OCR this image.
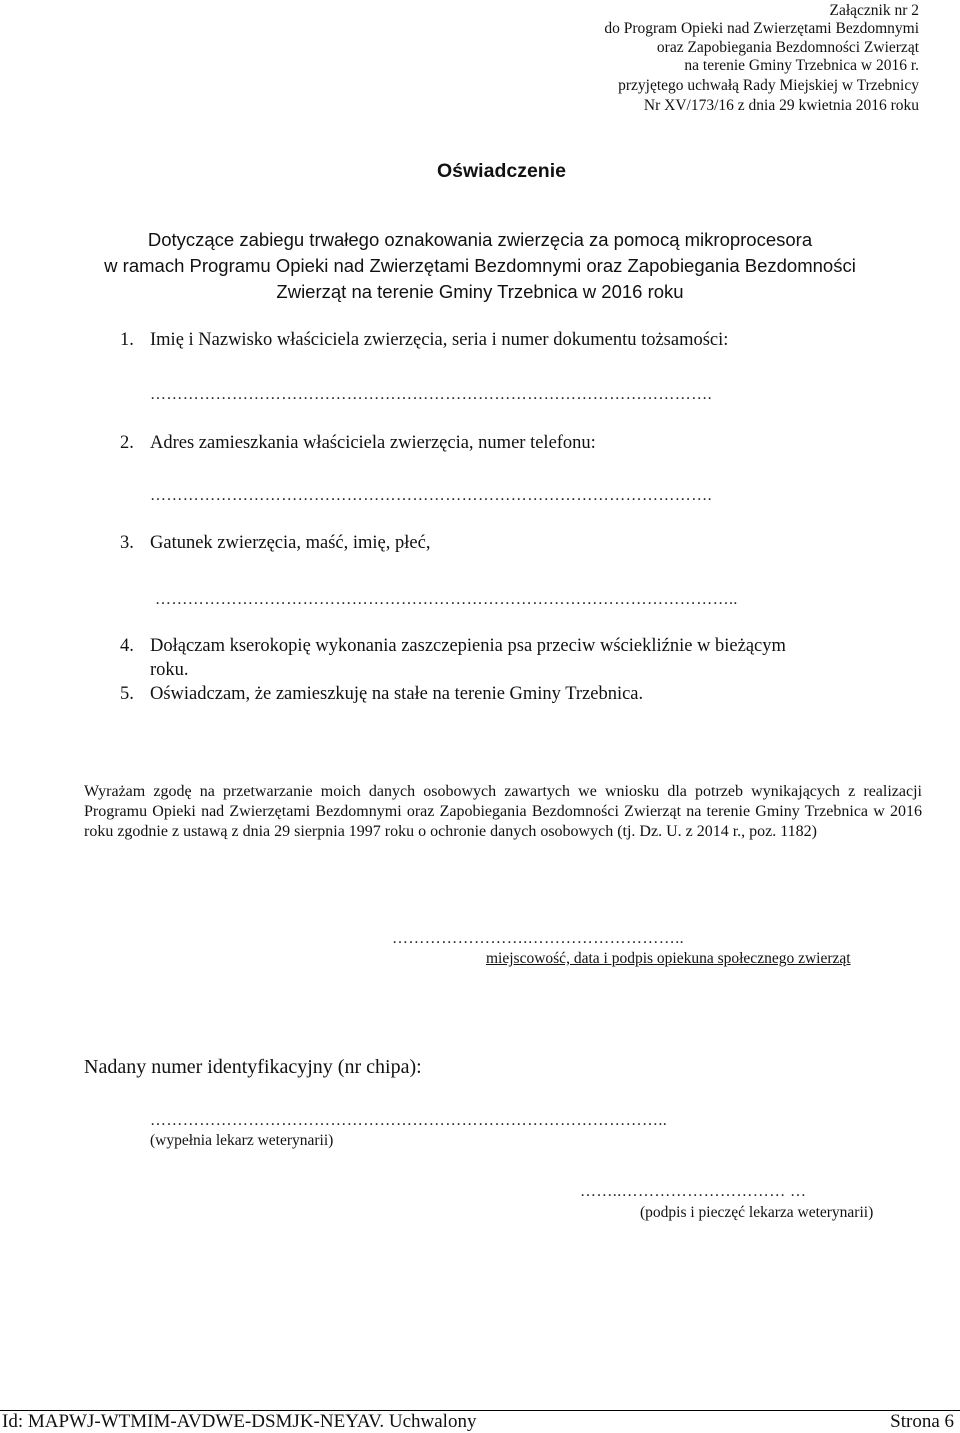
Załącznik nr 2

do Program Opieki nad Zwierzętami Bezdomnymi

oraz Zapobiegania Bezdomności Zwierząt

na terenie Gminy Trzebnica w 2016 r.

przyjętego uchwałą Rady Miejskiej w Trzebnicy

Nr XV/173/16 z dnia 29 kwietnia 2016 roku

Oświadczenie

Dotyczące zabiegu trwałego oznakowania zwierzęcia za pomocą mikroprocesora

w ramach Programu Opieki nad Zwierzętami Bezdomnymi oraz Zapobiegania Bezdomności

Zwierząt na terenie Gminy Trzebnica w 2016 roku

1. Imię i Nazwisko właściciela zwierzęcia, seria i numer dokumentu tożsamości:
………………………………………………………………………………………….
2. Adres zamieszkania właściciela zwierzęcia, numer telefonu:
………………………………………………………………………………………….
3. Gatunek zwierzęcia, maść, imię, płeć,
……………………………………………………………………………………………..
4. Dołączam kserokopię wykonania zaszczepienia psa przeciw wściekliźnie w bieżącym
roku.
5. Oświadczam, że zamieszkuję na stałe na terenie Gminy Trzebnica.

Wyrażam zgodę na przetwarzanie moich danych osobowych zawartych we wniosku dla potrzeb wynikających z realizacji Programu Opieki nad Zwierzętami Bezdomnymi oraz Zapobiegania Bezdomności Zwierząt na terenie Gminy Trzebnica w 2016 roku zgodnie z ustawą z dnia 29 sierpnia 1997 roku o ochronie danych osobowych (tj. Dz. U. z 2014 r., poz. 1182)

…………………….………………………..
miejscowość, data i podpis opiekuna społecznego zwierząt
Nadany numer identyfikacyjny (nr chipa):
…………………………………………………………………………………..
(wypełnia lekarz weterynarii)
……..………………………… …
(podpis i pieczęć lekarza weterynarii)
Id: MAPWJ-WTMIM-AVDWE-DSMJK-NEYAV. Uchwalony	Strona 6
